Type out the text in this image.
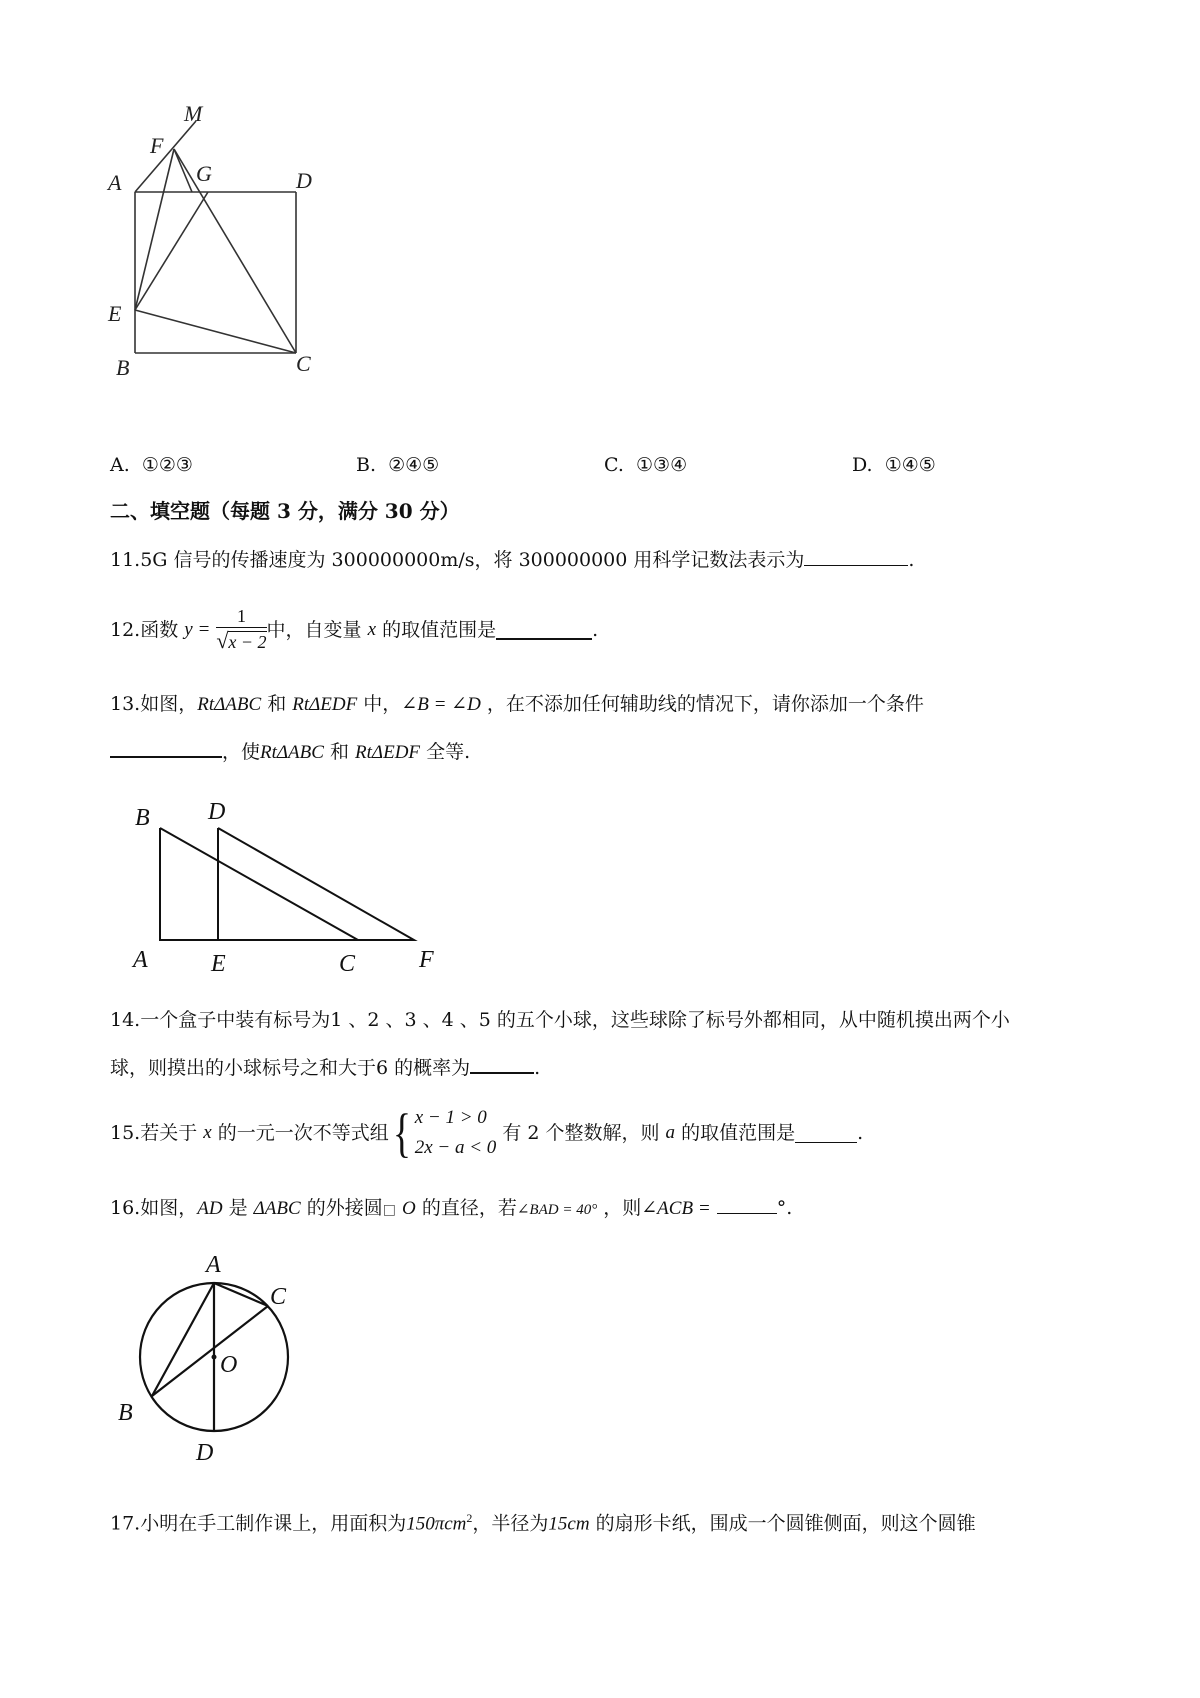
M
F
A	G	D
E
B	C
A. ①②③	B. ②④⑤	C. ①③④	D. ①④⑤
二、填空题（每题 3 分，满分 30 分）
11.5G 信号的传播速度为 300000000m/s，将 300000000 用科学记数法表示为	.
12.函数
y =
$\frac{1}{√x - 2}$ 中，自变量
x
的取值范围是	.
13.如图，RtΔABC 和 RtΔEDF 中，∠B = ∠D ，在不添加任何辅助线的情况下，请你添加一个条件
，使RtΔABC 和 RtΔEDF 全等.
B D
A	E	C	F
14.一个盒子中装有标号为1 、2 、3 、4 、5 的五个小球，这些球除了标号外都相同，从中随机摸出两个小
球，则摸出的小球标号之和大于6 的概率为	.
15.若关于
x
的一元一次不等式组 { x − 1 > 0
2x − a < 0

有 2 个整数解，则
a
的取值范围是	.
16.如图，AD 是 ΔABC 的外接圆□ O 的直径，若∠BAD = 40° ，则∠ACB =	°.
A
C
O
B
D
17.小明在手工制作课上，用面积为150πcm$^2$，半径为15cm 的扇形卡纸，围成一个圆锥侧面，则这个圆锥
